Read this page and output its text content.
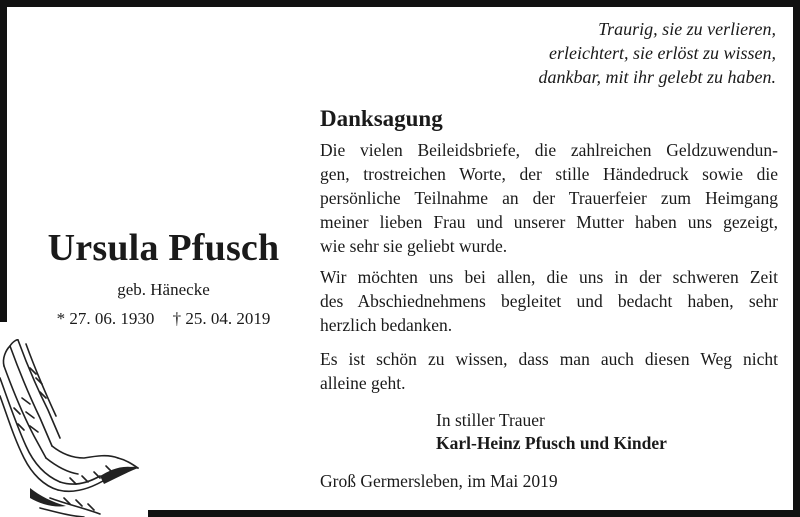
Traurig, sie zu verlieren,
erleichtert, sie erlöst zu wissen,
dankbar, mit ihr gelebt zu haben.
Ursula Pfusch
geb. Hänecke
* 27. 06. 1930 † 25. 04. 2019
Danksagung
Die vielen Beileidsbriefe, die zahlreichen Geldzuwendun-
gen, trostreichen Worte, der stille Händedruck sowie die
persönliche Teilnahme an der Trauerfeier zum Heimgang
meiner lieben Frau und unserer Mutter haben uns gezeigt,
wie sehr sie geliebt wurde.
Wir möchten uns bei allen, die uns in der schweren Zeit
des Abschiednehmens begleitet und bedacht haben, sehr
herzlich bedanken.
Es ist schön zu wissen, dass man auch diesen Weg nicht
alleine geht.
In stiller Trauer
Karl-Heinz Pfusch und Kinder
Groß Germersleben, im Mai 2019
